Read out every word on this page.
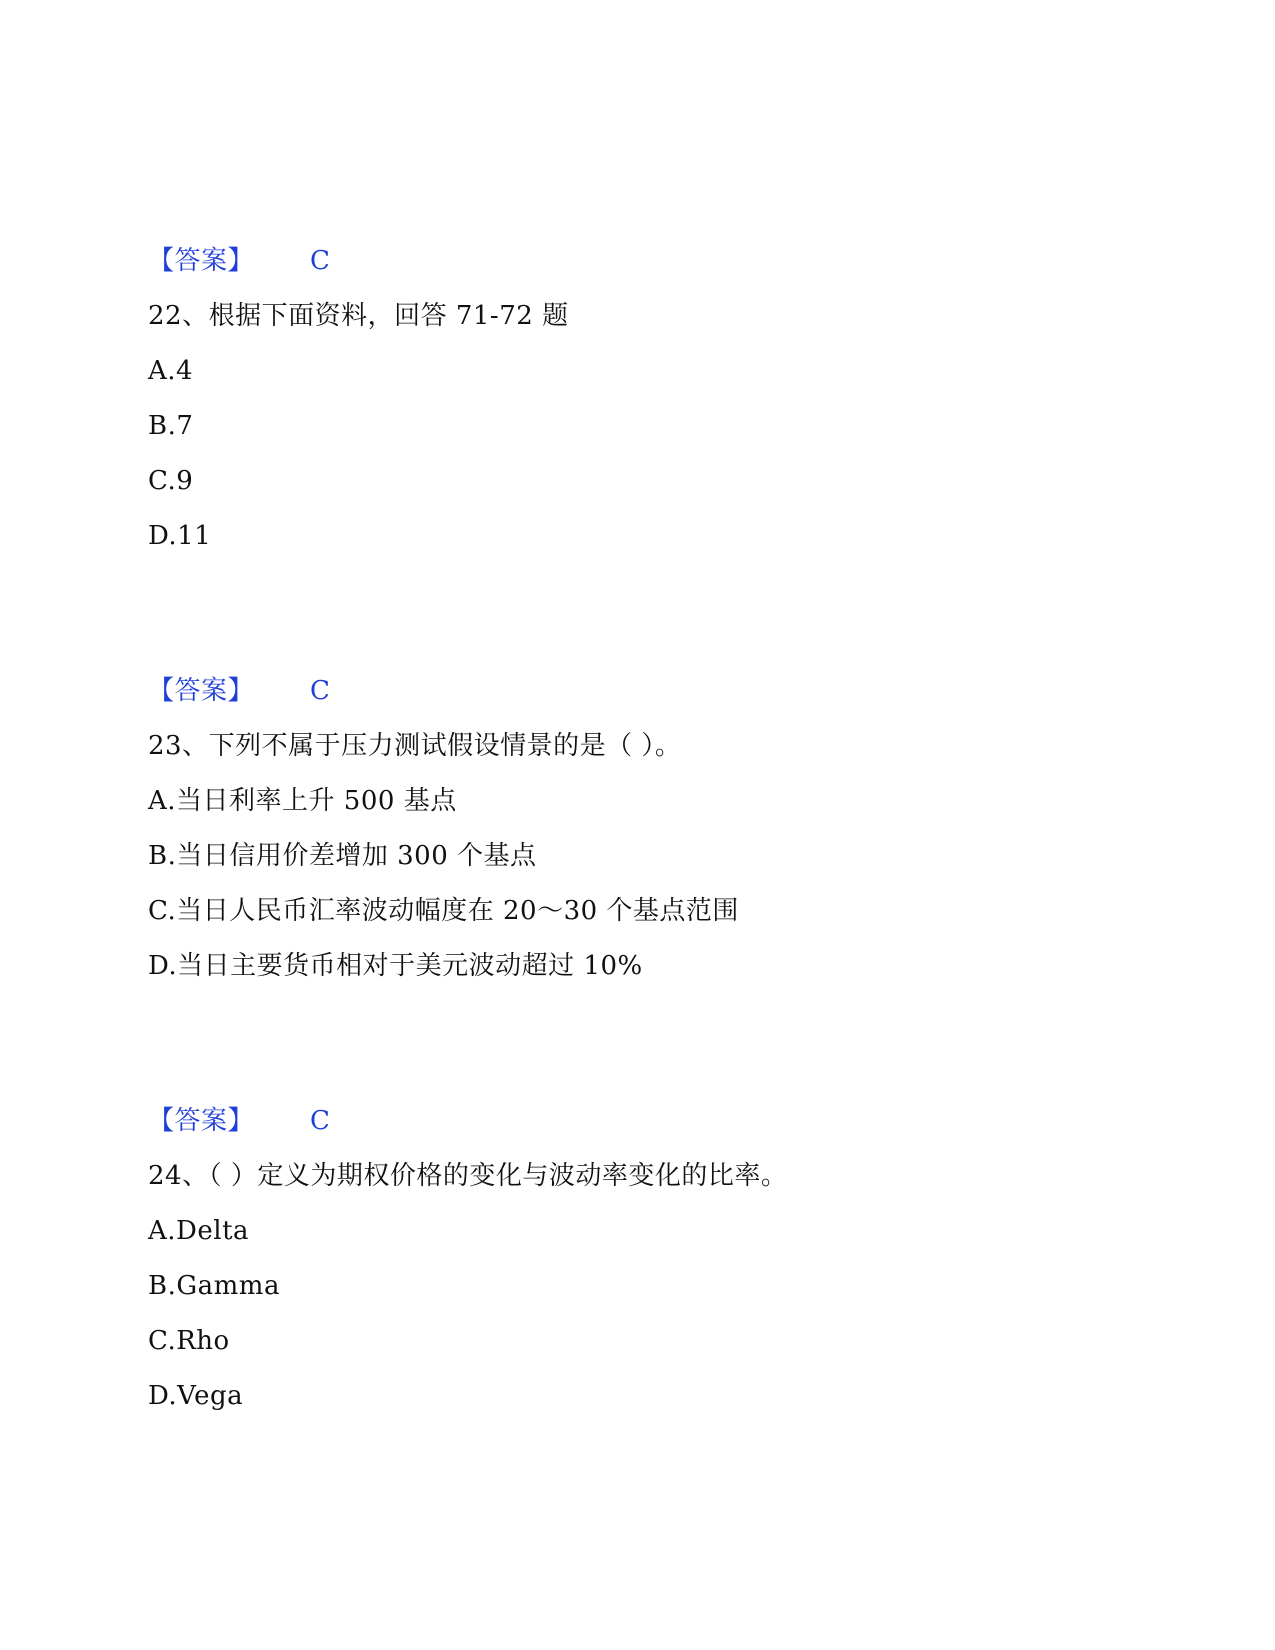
【答案】 C
22、根据下面资料，回答 71-72 题
A.4
B.7
C.9
D.11
【答案】 C
23、下列不属于压力测试假设情景的是（ ）。
A.当日利率上升 500 基点
B.当日信用价差增加 300 个基点
C.当日人民币汇率波动幅度在 20～30 个基点范围
D.当日主要货币相对于美元波动超过 10%
【答案】 C
24、（ ）定义为期权价格的变化与波动率变化的比率。
A.Delta
B.Gamma
C.Rho
D.Vega
